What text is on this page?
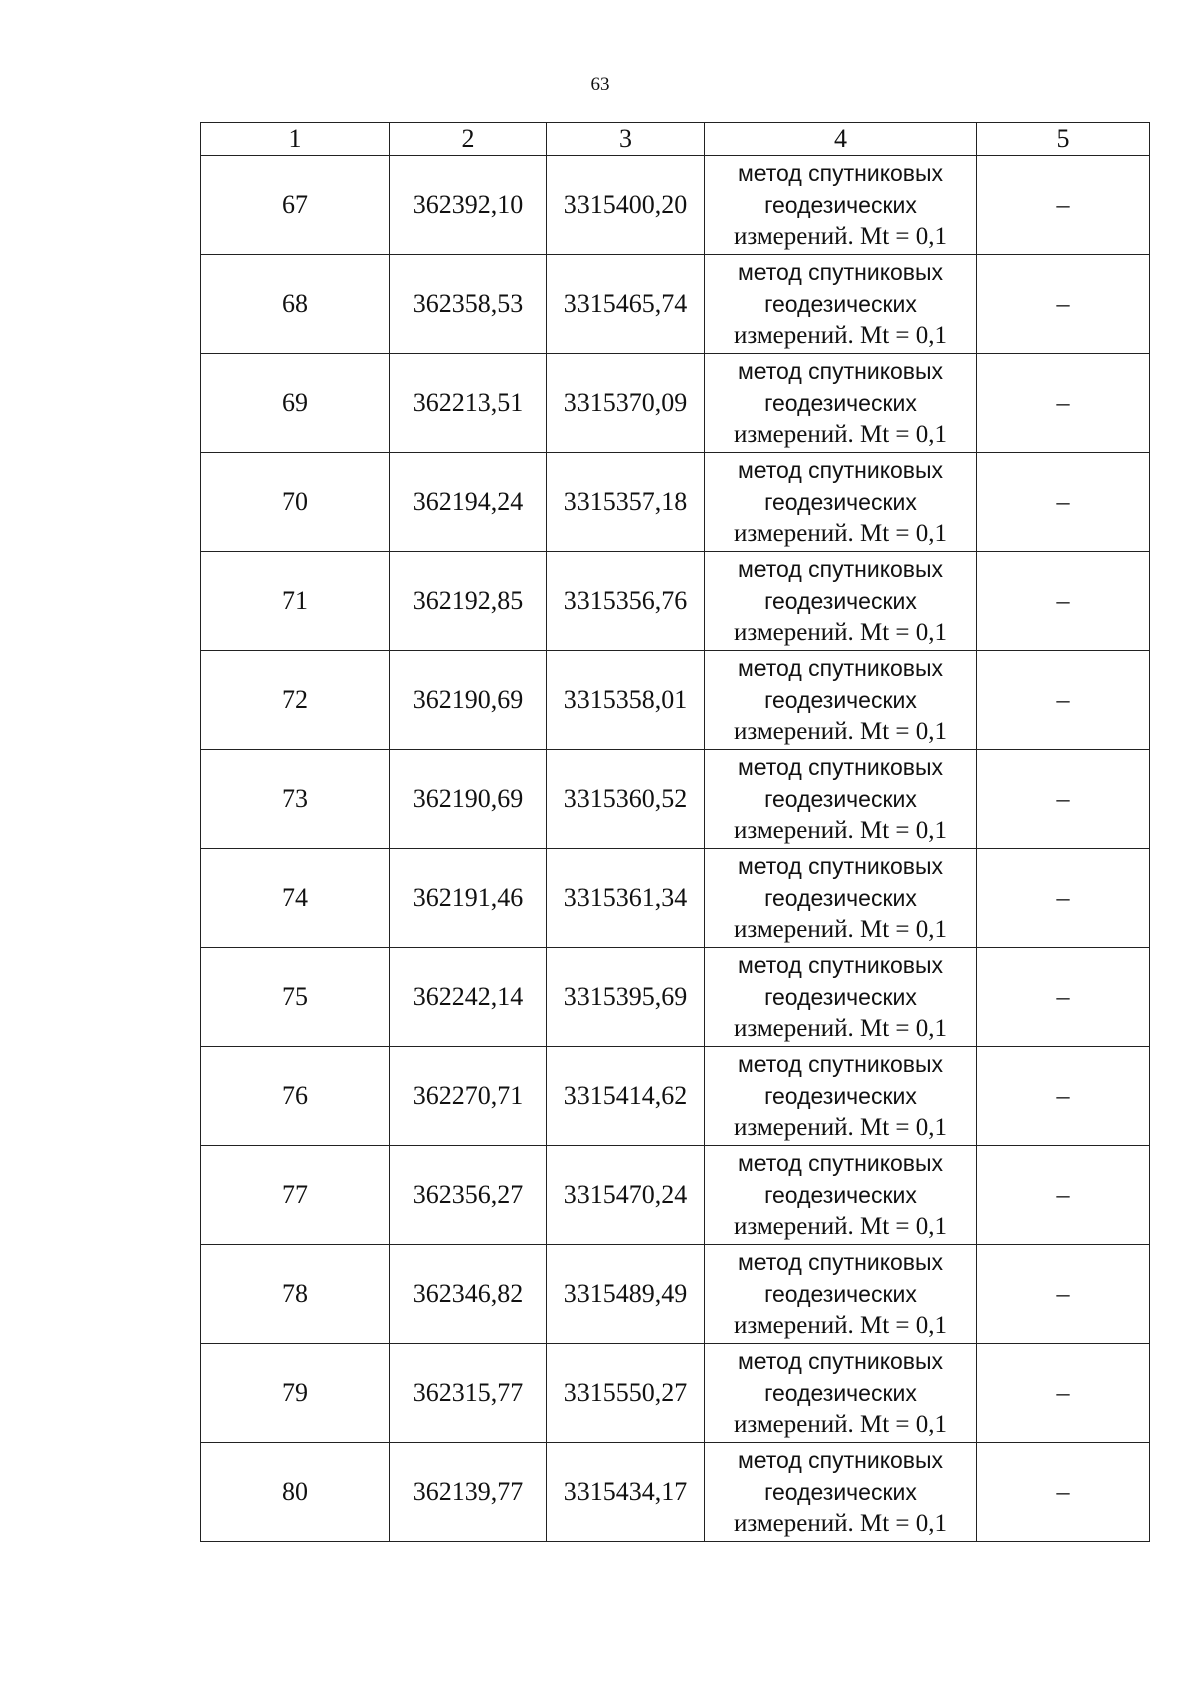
63
1	2	3	4	5
67	362392,10	3315400,20	метод спутниковых
геодезических
измерений. Mt = 0,1	–
68	362358,53	3315465,74	метод спутниковых
геодезических
измерений. Mt = 0,1	–
69	362213,51	3315370,09	метод спутниковых
геодезических
измерений. Mt = 0,1	–
70	362194,24	3315357,18	метод спутниковых
геодезических
измерений. Mt = 0,1	–
71	362192,85	3315356,76	метод спутниковых
геодезических
измерений. Mt = 0,1	–
72	362190,69	3315358,01	метод спутниковых
геодезических
измерений. Mt = 0,1	–
73	362190,69	3315360,52	метод спутниковых
геодезических
измерений. Mt = 0,1	–
74	362191,46	3315361,34	метод спутниковых
геодезических
измерений. Mt = 0,1	–
75	362242,14	3315395,69	метод спутниковых
геодезических
измерений. Mt = 0,1	–
76	362270,71	3315414,62	метод спутниковых
геодезических
измерений. Mt = 0,1	–
77	362356,27	3315470,24	метод спутниковых
геодезических
измерений. Mt = 0,1	–
78	362346,82	3315489,49	метод спутниковых
геодезических
измерений. Mt = 0,1	–
79	362315,77	3315550,27	метод спутниковых
геодезических
измерений. Mt = 0,1	–
80	362139,77	3315434,17	метод спутниковых
геодезических
измерений. Mt = 0,1	–
